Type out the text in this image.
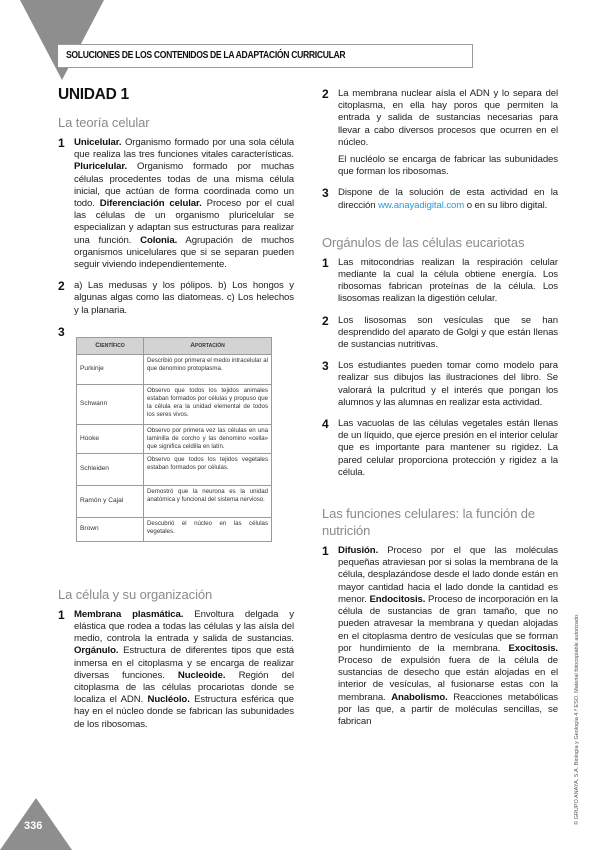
SOLUCIONES DE LOS CONTENIDOS DE LA ADAPTACIÓN CURRICULAR
UNIDAD 1
La teoría celular
1 Unicelular. Organismo formado por una sola célula que realiza las tres funciones vitales características. Pluricelular. Organismo formado por muchas células procedentes todas de una misma célula inicial, que actúan de forma coordinada como un todo. Diferenciación celular. Proceso por el cual las células de un organismo pluricelular se especializan y adaptan sus estructuras para realizar una función. Colonia. Agrupación de muchos organismos unicelulares que si se separan pueden seguir viviendo independientemente.
2 a) Las medusas y los pólipos. b) Los hongos y algunas algas como las diatomeas. c) Los helechos y la planaria.
3
Científico	Aportación
Purkinje	Describió por primera el medio intracelular al que denomino protoplasma.
Schwann	Observo que todos los tejidos animales estaban formados por células y propuso que la célula era la unidad elemental de todos los seres vivos.
Hooke	Observo por primera vez las células en una laminilla de corcho y las denomino «cella» que significa celdilla en latín.
Schleiden	Observo que todos los tejidos vegetales estaban formados por células.
Ramón y Cajal	Demostró que la neurona es la unidad anatómica y funcional del sistema nervioso.
Brown	Descubrió el núcleo en las células vegetales.
La célula y su organización
1 Membrana plasmática. Envoltura delgada y elástica que rodea a todas las células y las aísla del medio, controla la entrada y salida de sustancias. Orgánulo. Estructura de diferentes tipos que está inmersa en el citoplasma y se encarga de realizar diversas funciones. Nucleoide. Región del citoplasma de las células procariotas donde se localiza el ADN. Nucléolo. Estructura esférica que hay en el núcleo donde se fabrican las subunidades de los ribosomas.
2 La membrana nuclear aísla el ADN y lo separa del citoplasma, en ella hay poros que permiten la entrada y salida de sustancias necesarias para llevar a cabo diversos procesos que ocurren en el núcleo.

El nucléolo se encarga de fabricar las subunidades que forman los ribosomas.

3 Dispone de la solución de esta actividad en la dirección ww.anayadigital.com o en su libro digital.
Orgánulos de las células eucariotas
1 Las mitocondrias realizan la respiración celular mediante la cual la célula obtiene energía. Los ribosomas fabrican proteínas de la célula. Los lisosomas realizan la digestión celular.
2 Los lisosomas son vesículas que se han desprendido del aparato de Golgi y que están llenas de sustancias nutritivas.
3 Los estudiantes pueden tomar como modelo para realizar sus dibujos las ilustraciones del libro. Se valorará la pulcritud y el interés que pongan los alumnos y las alumnas en realizar esta actividad.
4 Las vacuolas de las células vegetales están llenas de un líquido, que ejerce presión en el interior celular que es importante para mantener su rigidez. La pared celular proporciona protección y rigidez a la célula.
Las funciones celulares: la función de nutrición
1 Difusión. Proceso por el que las moléculas pequeñas atraviesan por si solas la membrana de la célula, desplazándose desde el lado donde están en mayor cantidad hacia el lado donde la cantidad es menor. Endocitosis. Proceso de incorporación en la célula de sustancias de gran tamaño, que no pueden atravesar la membrana y quedan alojadas en el citoplasma dentro de vesículas que se forman por hundimiento de la membrana. Exocitosis. Proceso de expulsión fuera de la célula de sustancias de desecho que están alojadas en el interior de vesículas, al fusionarse estas con la membrana. Anabolismo. Reacciones metabólicas por las que, a partir de moléculas sencillas, se fabrican	© GRUPO ANAYA, S.A. Biología y Geología 4.º ESO. Material fotocopiable autorizado.
336
